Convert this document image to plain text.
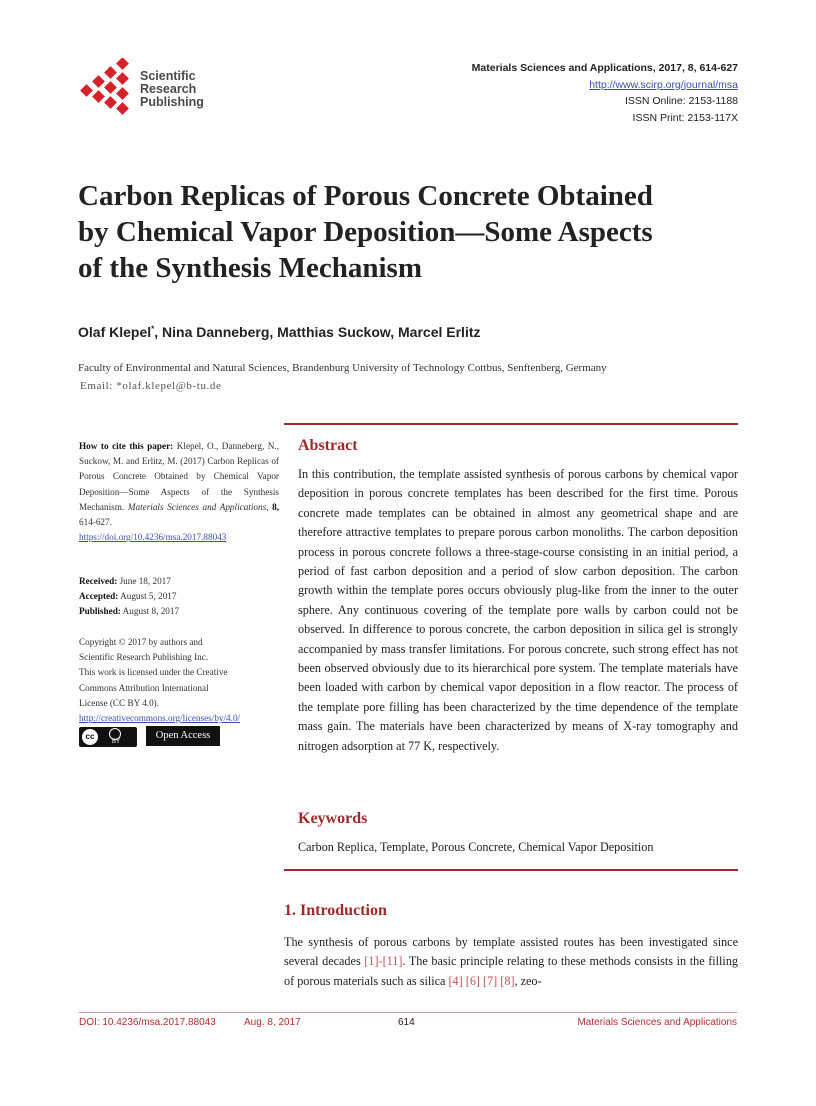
Scientific
Research
Publishing
Materials Sciences and Applications, 2017, 8, 614-627
http://www.scirp.org/journal/msa
ISSN Online: 2153-1188
ISSN Print: 2153-117X
Carbon Replicas of Porous Concrete Obtained
by Chemical Vapor Deposition—Some Aspects
of the Synthesis Mechanism
Olaf Klepel*, Nina Danneberg, Matthias Suckow, Marcel Erlitz
Faculty of Environmental and Natural Sciences, Brandenburg University of Technology Cottbus, Senftenberg, Germany
Email: *olaf.klepel@b-tu.de
How to cite this paper: Klepel, O., Danneberg, N., Suckow, M. and Erlitz, M. (2017) Carbon Replicas of Porous Concrete Obtained by Chemical Vapor Deposition—Some Aspects of the Synthesis Mechanism. Materials Sciences and Applications, 8, 614-627.
https://doi.org/10.4236/msa.2017.88043
Received: June 18, 2017
Accepted: August 5, 2017
Published: August 8, 2017
Copyright © 2017 by authors and
Scientific Research Publishing Inc.
This work is licensed under the Creative
Commons Attribution International
License (CC BY 4.0).
http://creativecommons.org/licenses/by/4.0/
cc
BY
Open Access
Abstract
In this contribution, the template assisted synthesis of porous carbons by chemical vapor deposition in porous concrete templates has been described for the first time. Porous concrete made templates can be obtained in almost any geometrical shape and are therefore attractive templates to prepare porous carbon monoliths. The carbon deposition process in porous concrete follows a three-stage-course consisting in an initial period, a period of fast carbon deposition and a period of slow carbon deposition. The carbon growth within the template pores occurs obviously plug-like from the inner to the outer sphere. Any continuous covering of the template pore walls by carbon could not be observed. In difference to porous concrete, the carbon deposition in silica gel is strongly accompanied by mass transfer limitations. For porous concrete, such strong effect has not been observed obviously due to its hierarchical pore system. The template materials have been loaded with carbon by chemical vapor deposition in a flow reactor. The process of the template pore filling has been characterized by the time dependence of the template mass gain. The materials have been characterized by means of X-ray tomography and nitrogen adsorption at 77 K, respectively.
Keywords
Carbon Replica, Template, Porous Concrete, Chemical Vapor Deposition
1. Introduction
The synthesis of porous carbons by template assisted routes has been investigated since several decades [1]-[11]. The basic principle relating to these methods consists in the filling of porous materials such as silica [4] [6] [7] [8], zeo-
DOI: 10.4236/msa.2017.88043	Aug. 8, 2017	614	Materials Sciences and Applications
